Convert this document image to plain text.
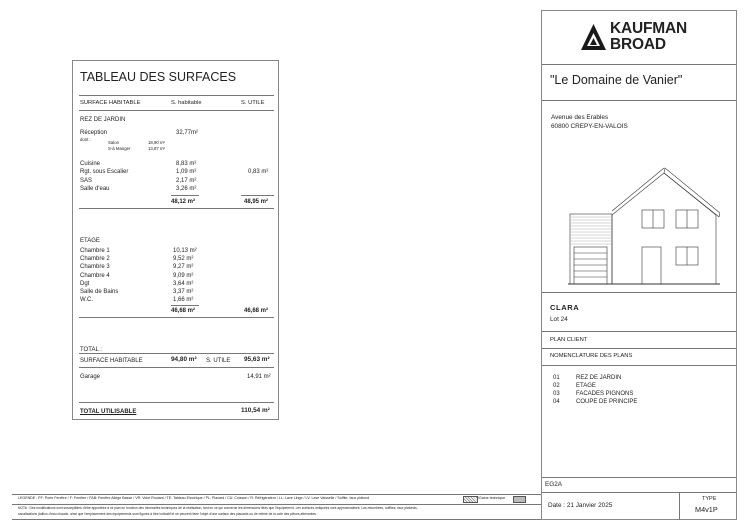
TABLEAU DES SURFACES
SURFACE HABITABLE	S. habitable	S. UTILE
REZ DE JARDIN
Réception	32,77m²
dont :
Salon	18,90 m²
S-à Manger	13,87 m²
Cuisine	8,83 m²
Rgt. sous Escalier	1,09 m²	0,83 m²
SAS	2,17 m²
Salle d'eau	3,26 m²
48,12 m²	48,95 m²
ETAGE
Chambre 1	10,13 m²
Chambre 2	9,52 m²
Chambre 3	9,27 m²
Chambre 4	9,09 m²
Dgt	3,64 m²
Salle de Bains	3,37 m²
W.C.	1,66 m²
46,68 m²	46,68 m²
TOTAL :
SURFACE HABITABLE	94,80 m² S. UTILE 95,63 m²
Garage	14,91 m²
TOTAL UTILISABLE	110,54 m²
KAUFMAN
BROAD
"Le Domaine de Vanier"
Avenue des Erables
60800 CREPY-EN-VALOIS
CLARA
Lot 24
PLAN CLIENT
NOMENCLATURE DES PLANS
01	REZ DE JARDIN
02	ETAGE
03	FACADES PIGNONS
04	COUPE DE PRINCIPE
EG2A
Date : 21 Janvier 2025
TYPE
M4v1P
LEGENDE : PF: Porte Fenêtre / F: Fenêtre / FAB: Fenêtre Allège Basse / VR: Volet Roulant / TE: Tableau Electrique / PL: Placard / CU: Cuisson / R: Réfrigérateur / LL: Lave Linge / LV: Lave Vaisselle / Soffite, faux plafond	/Gaine technique
NOTA : Des modifications sont susceptibles d'être apportées à ce plan en fonction des nécessités techniques de la réalisation, tant en ce qui concerne les dimensions liées que l'équipement. Les surfaces indiquées sont approximatives. Les retombées, soffites, faux plafonds,
canalisations (taillon d'eau chaude, ainsi que l'emplacement des équipements sont figurés à titre indicatif et ne peuvent faire l'objet d'une surface des placards ou de même de la cote des pièces attenantes.
